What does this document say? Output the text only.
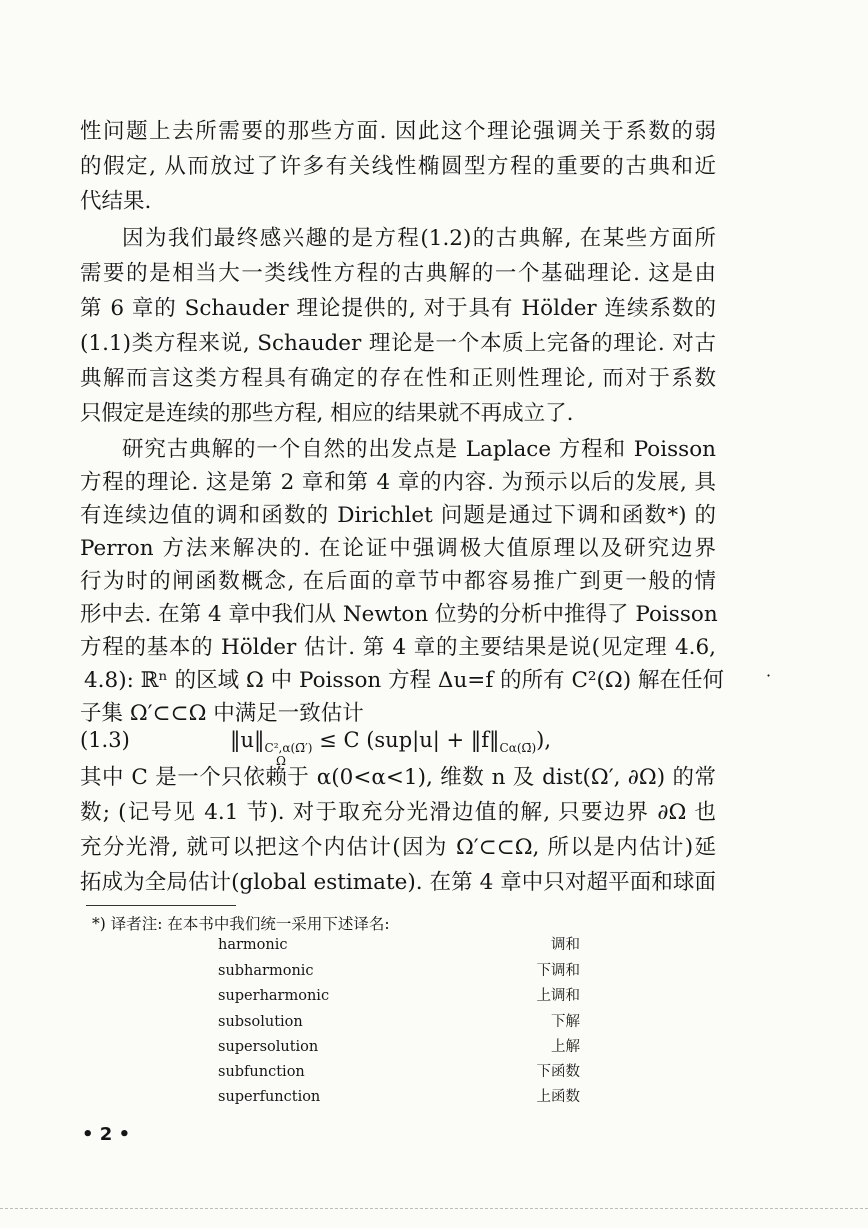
性问题上去所需要的那些方面. 因此这个理论强调关于系数的弱
的假定, 从而放过了许多有关线性椭圆型方程的重要的古典和近
代结果.
因为我们最终感兴趣的是方程(1.2)的古典解, 在某些方面所
需要的是相当大一类线性方程的古典解的一个基础理论. 这是由
第 6 章的 Schauder 理论提供的, 对于具有 Hölder 连续系数的
(1.1)类方程来说, Schauder 理论是一个本质上完备的理论. 对古
典解而言这类方程具有确定的存在性和正则性理论, 而对于系数
只假定是连续的那些方程, 相应的结果就不再成立了.
研究古典解的一个自然的出发点是 Laplace 方程和 Poisson
方程的理论. 这是第 2 章和第 4 章的内容. 为预示以后的发展, 具
有连续边值的调和函数的 Dirichlet 问题是通过下调和函数*) 的
Perron 方法来解决的. 在论证中强调极大值原理以及研究边界
行为时的闸函数概念, 在后面的章节中都容易推广到更一般的情
形中去. 在第 4 章中我们从 Newton 位势的分析中推得了 Poisson
方程的基本的 Hölder 估计. 第 4 章的主要结果是说(见定理 4.6,
4.8): ℝⁿ 的区域 Ω 中 Poisson 方程 Δu=f 的所有 C²(Ω) 解在任何
(1.3)	$‖u‖_{C^2,\alpha(\Omegā')} \le C$ $(sup|u| + ‖f‖_{C\alpha(\Omegā)})$,
Ω
其中 C 是一个只依赖于 α(0<α<1), 维数 n 及 dist(Ω′, ∂Ω) 的常
数; (记号见 4.1 节). 对于取充分光滑边值的解, 只要边界 ∂Ω 也
充分光滑, 就可以把这个内估计(因为 Ω′⊂⊂Ω, 所以是内估计)延
拓成为全局估计(global estimate). 在第 4 章中只对超平面和球面
*) 译者注: 在本书中我们统一采用下述译名:
harmonic	调和
subharmonic	下调和
superharmonic	上调和
subsolution	下解
supersolution	上解
subfunction	下函数
superfunction	上函数
• 2 •
·
子集 Ω′⊂⊂Ω 中满足一致估计
